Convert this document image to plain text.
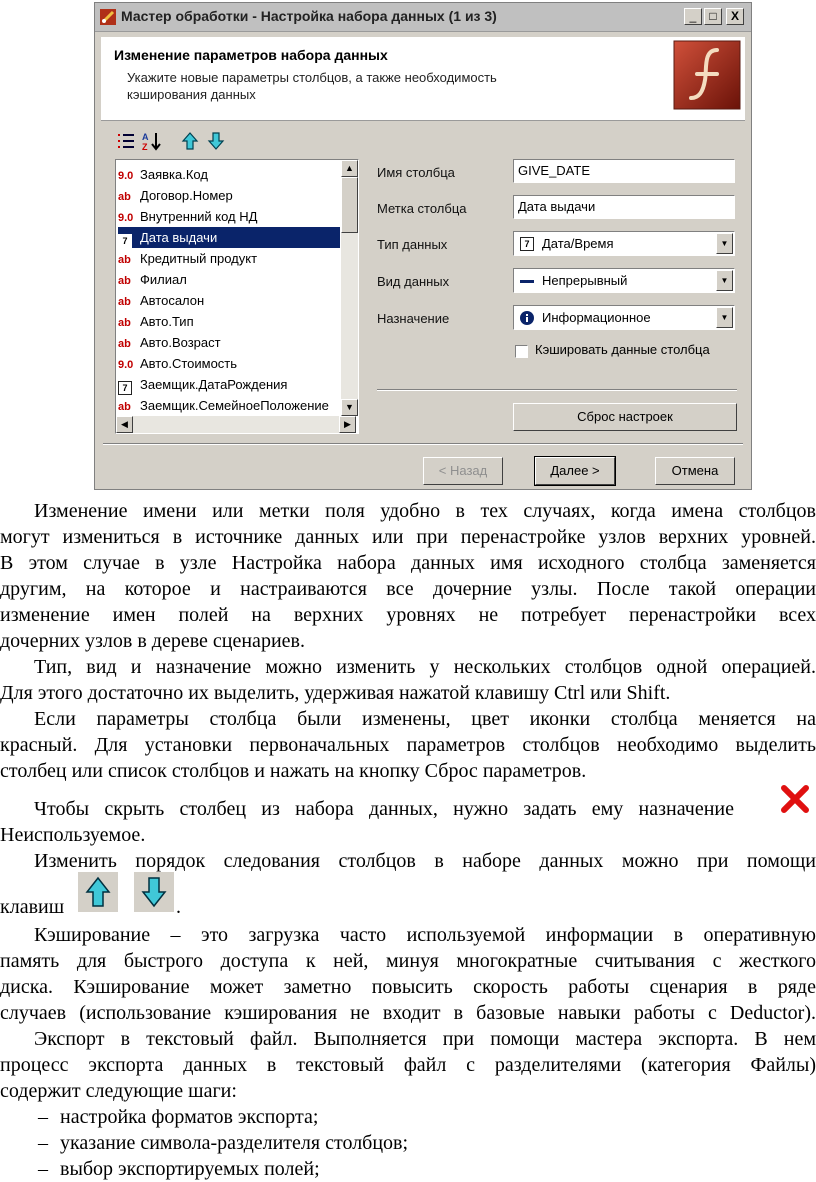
Мастер обработки - Настройка набора данных (1 из 3)	_	□	X
Изменение параметров набора данных
Укажите новые параметры столбцов, а также необходимость кэширования данных
A
Z
9.0 Заявка.Код
ab Договор.Номер
9.0 Внутренний код НД
7 Дата выдачи
ab Кредитный продукт
ab Филиал
ab Автосалон
ab Авто.Тип
ab Авто.Возраст
9.0 Авто.Стоимость
7 Заемщик.ДатаРождения
ab Заемщик.СемейноеПоложение
▲
▼
◀	▶
Имя столбца	GIVE_DATE
Метка столбца	Дата выдачи
Тип данных	7 Дата/Время	▼
Вид данных	Непрерывный	▼
Назначение	Информационное	▼
Кэшировать данные столбца
Сброс настроек
< Назад	Далее >	Отмена
Изменение имени или метки поля удобно в тех случаях, когда имена столбцов
могут измениться в источнике данных или при перенастройке узлов верхних уровней.
В этом случае в узле Настройка набора данных имя исходного столбца заменяется
другим, на которое и настраиваются все дочерние узлы. После такой операции
изменение имен полей на верхних уровнях не потребует перенастройки всех
дочерних узлов в дереве сценариев.
Тип, вид и назначение можно изменить у нескольких столбцов одной операцией.
Для этого достаточно их выделить, удерживая нажатой клавишу Ctrl или Shift.
Если параметры столбца были изменены, цвет иконки столбца меняется на
красный. Для установки первоначальных параметров столбцов необходимо выделить
столбец или список столбцов и нажать на кнопку Сброс параметров.
Чтобы скрыть столбец из набора данных, нужно задать ему назначение
Неиспользуемое.
Изменить порядок следования столбцов в наборе данных можно при помощи
клавиш	.
Кэширование – это загрузка часто используемой информации в оперативную
память для быстрого доступа к ней, минуя многократные считывания с жесткого
диска. Кэширование может заметно повысить скорость работы сценария в ряде
случаев (использование кэширования не входит в базовые навыки работы с Deductor).
Экспорт в текстовый файл. Выполняется при помощи мастера экспорта. В нем
процесс экспорта данных в текстовый файл с разделителями (категория Файлы)
содержит следующие шаги:
– настройка форматов экспорта;
– указание символа-разделителя столбцов;
– выбор экспортируемых полей;
